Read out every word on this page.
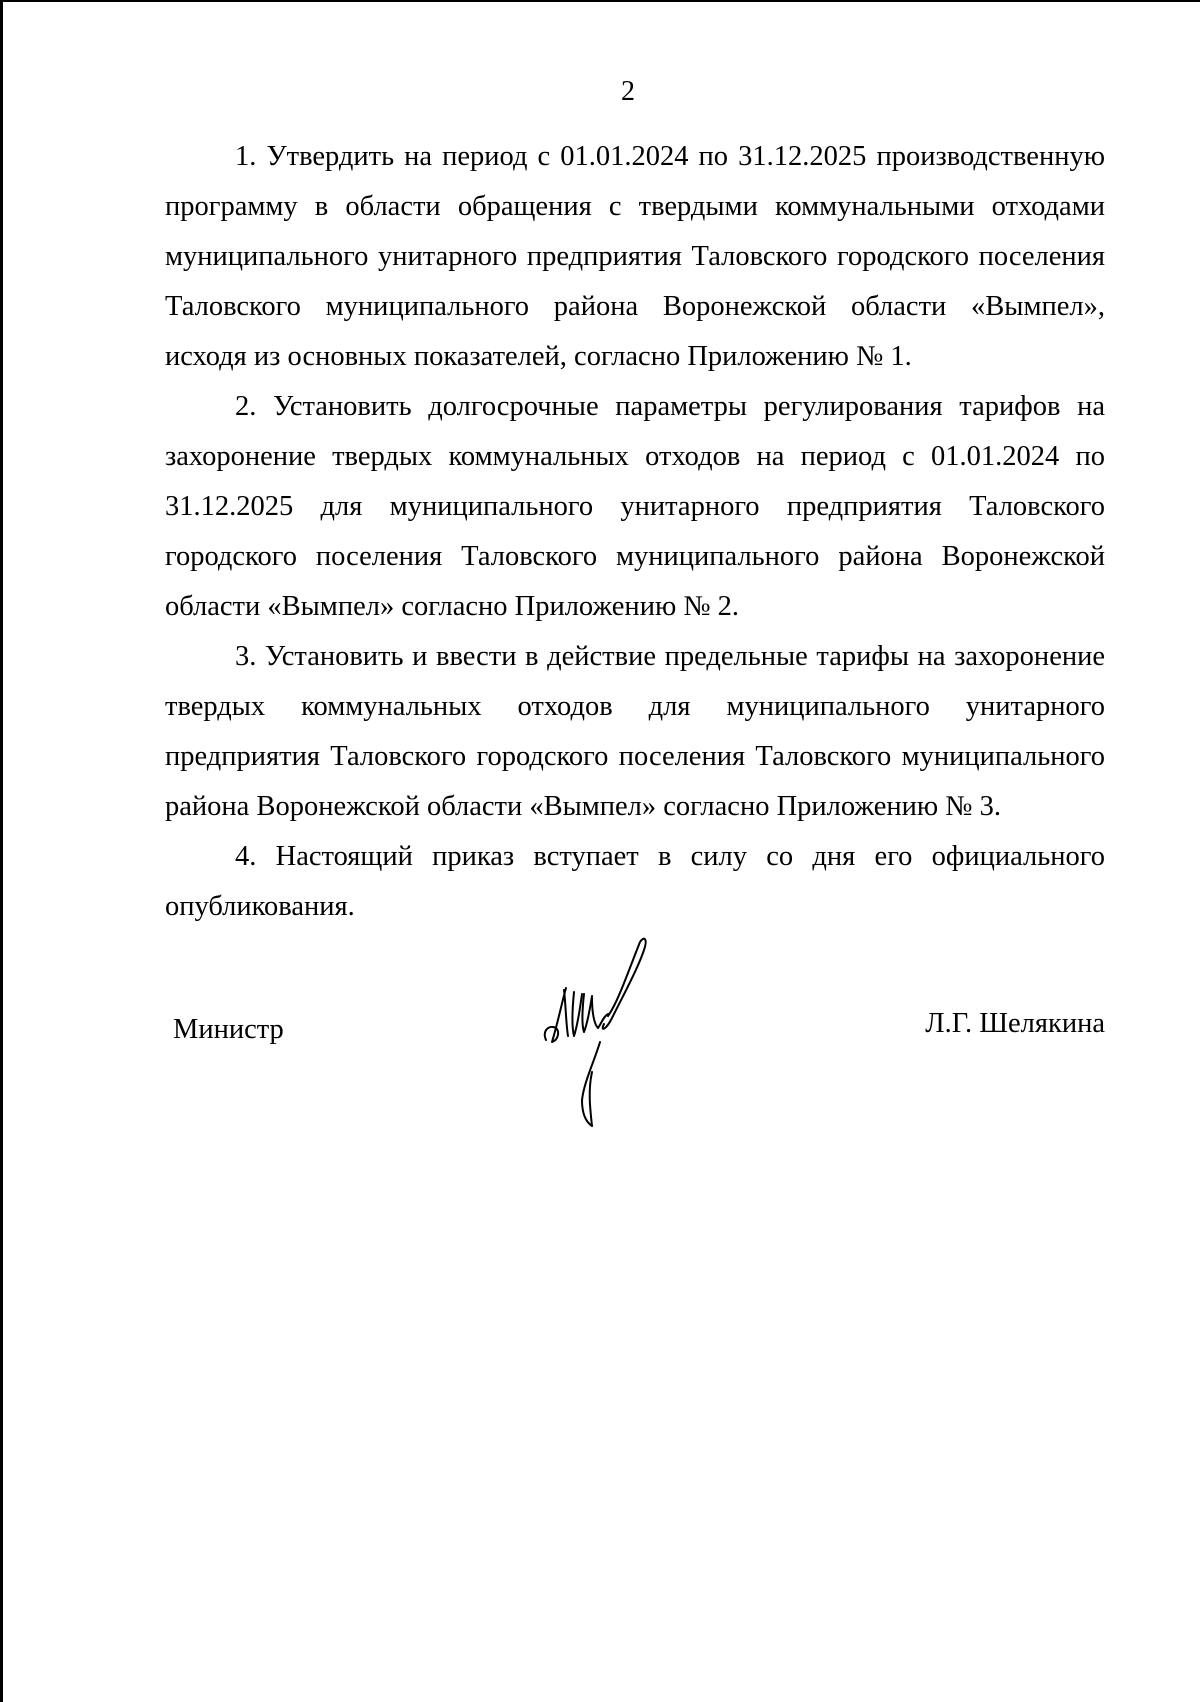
2

1. Утвердить на период с 01.01.2024 по 31.12.2025 производственную программу в области обращения с твердыми коммунальными отходами муниципального унитарного предприятия Таловского городского поселения Таловского муниципального района Воронежской области «Вымпел», исходя из основных показателей, согласно Приложению № 1.

2. Установить долгосрочные параметры регулирования тарифов на захоронение твердых коммунальных отходов на период с 01.01.2024 по 31.12.2025 для муниципального унитарного предприятия Таловского городского поселения Таловского муниципального района Воронежской области «Вымпел» согласно Приложению № 2.

3. Установить и ввести в действие предельные тарифы на захоронение твердых коммунальных отходов для муниципального унитарного предприятия Таловского городского поселения Таловского муниципального района Воронежской области «Вымпел» согласно Приложению № 3.

4. Настоящий приказ вступает в силу со дня его официального опубликования.

Министр	Л.Г. Шелякина
